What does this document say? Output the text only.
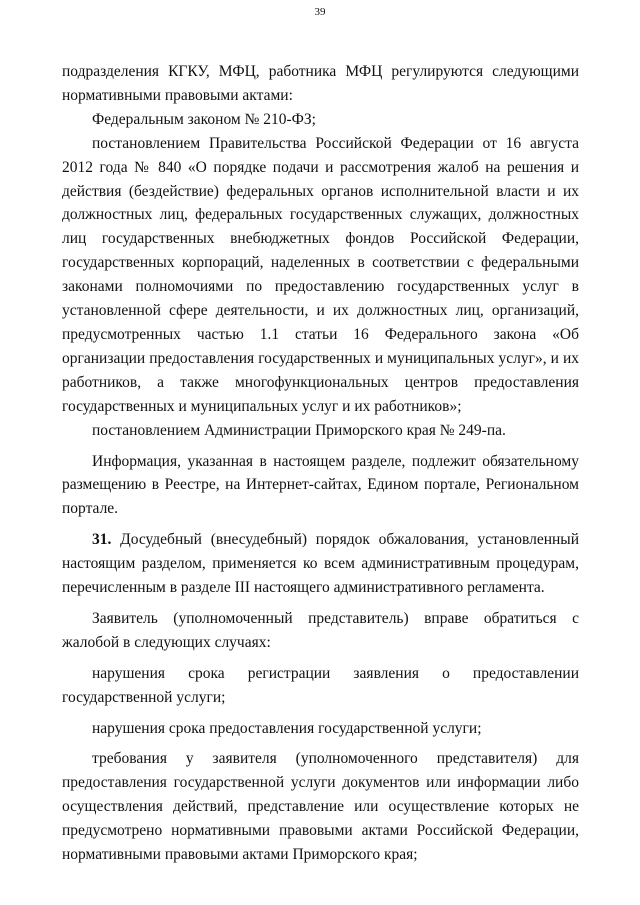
39

подразделения КГКУ, МФЦ, работника МФЦ регулируются следующими нормативными правовыми актами:

Федеральным законом № 210-ФЗ;

постановлением Правительства Российской Федерации от 16 августа 2012 года № 840 «О порядке подачи и рассмотрения жалоб на решения и действия (бездействие) федеральных органов исполнительной власти и их должностных лиц, федеральных государственных служащих, должностных лиц государственных внебюджетных фондов Российской Федерации, государственных корпораций, наделенных в соответствии с федеральными законами полномочиями по предоставлению государственных услуг в установленной сфере деятельности, и их должностных лиц, организаций, предусмотренных частью 1.1 статьи 16 Федерального закона «Об организации предоставления государственных и муниципальных услуг», и их работников, а также многофункциональных центров предоставления государственных и муниципальных услуг и их работников»;

постановлением Администрации Приморского края № 249-па.

Информация, указанная в настоящем разделе, подлежит обязательному размещению в Реестре, на Интернет-сайтах, Едином портале, Региональном портале.

31. Досудебный (внесудебный) порядок обжалования, установленный настоящим разделом, применяется ко всем административным процедурам, перечисленным в разделе III настоящего административного регламента.

Заявитель (уполномоченный представитель) вправе обратиться с жалобой в следующих случаях:

нарушения срока регистрации заявления о предоставлении государственной услуги;

нарушения срока предоставления государственной услуги;

требования у заявителя (уполномоченного представителя) для предоставления государственной услуги документов или информации либо осуществления действий, представление или осуществление которых не предусмотрено нормативными правовыми актами Российской Федерации, нормативными правовыми актами Приморского края;
